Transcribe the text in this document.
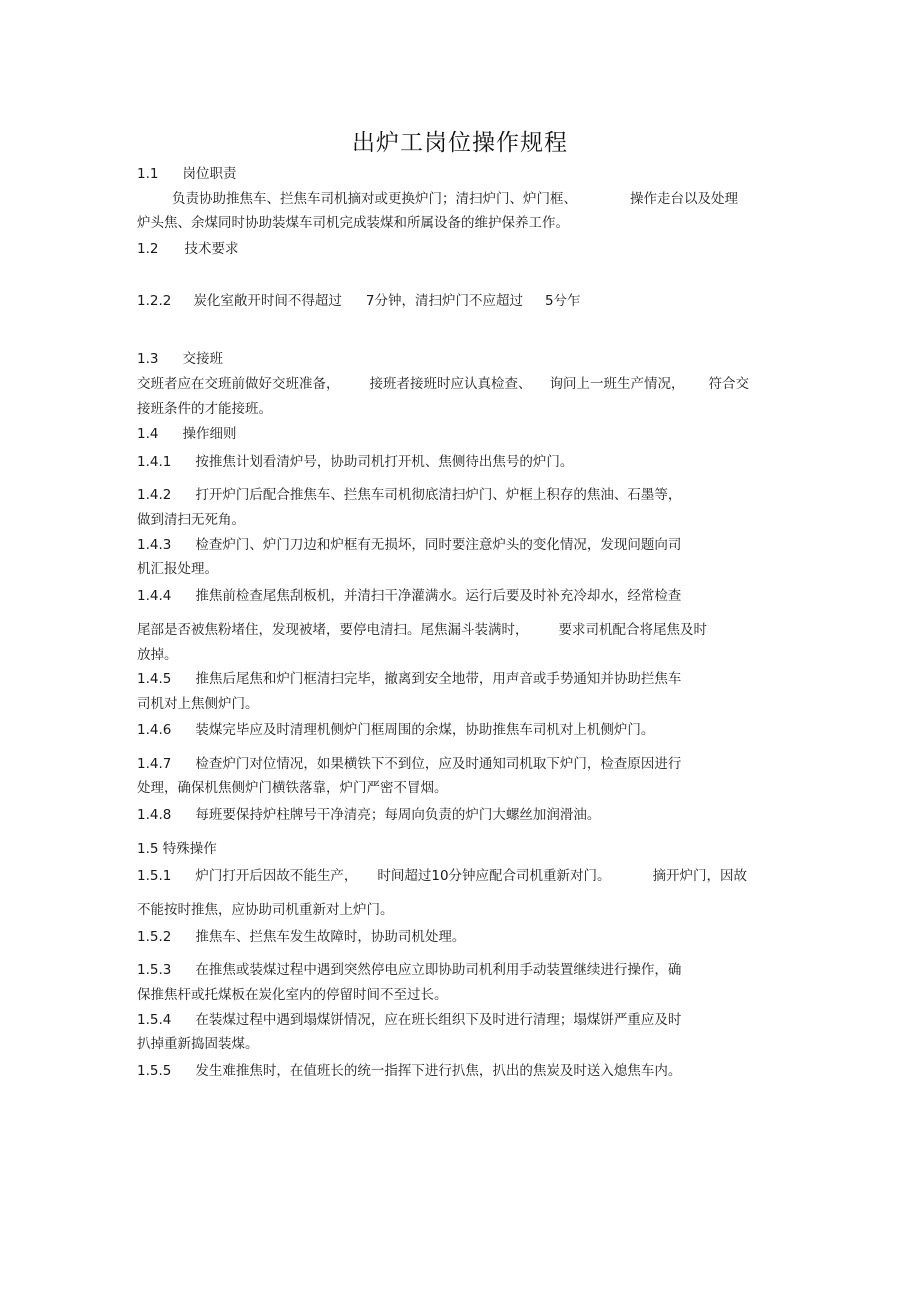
出炉工岗位操作规程
1.1 岗位职责
负责协助推焦车、拦焦车司机摘对或更换炉门；清扫炉门、炉门框、	操作走台以及处理
炉头焦、余煤同时协助装煤车司机完成装煤和所属设备的维护保养工作。
1.2 技术要求
1.2.2 炭化室敞开时间不得超过 7分钟，清扫炉门不应超过 5兮乍
1.3 交接班
交班者应在交班前做好交班准备， 接班者接班时应认真检查、 询问上一班生产情况， 符合交
接班条件的才能接班。
1.4 操作细则
1.4.1 按推焦计划看清炉号，协助司机打开机、焦侧待出焦号的炉门。
1.4.2 打开炉门后配合推焦车、拦焦车司机彻底清扫炉门、炉框上积存的焦油、石墨等，
做到清扫无死角。
1.4.3 检查炉门、炉门刀边和炉框有无损坏，同时要注意炉头的变化情况，发现问题向司
机汇报处理。
1.4.4 推焦前检查尾焦刮板机，并清扫干净灌满水。运行后要及时补充冷却水，经常检查
尾部是否被焦粉堵住，发现被堵，要停电清扫。尾焦漏斗装满时， 要求司机配合将尾焦及时
放掉。
1.4.5 推焦后尾焦和炉门框清扫完毕，撤离到安全地带，用声音或手势通知并协助拦焦车
司机对上焦侧炉门。
1.4.6 装煤完毕应及时清理机侧炉门框周围的余煤，协助推焦车司机对上机侧炉门。
1.4.7 检查炉门对位情况，如果横铁下不到位，应及时通知司机取下炉门，检查原因进行
处理，确保机焦侧炉门横铁落靠，炉门严密不冒烟。
1.4.8 每班要保持炉柱牌号干净清亮；每周向负责的炉门大螺丝加润滑油。
1.5 特殊操作
1.5.1 炉门打开后因故不能生产， 时间超过10分钟应配合司机重新对门。	摘开炉门，因故
不能按时推焦，应协助司机重新对上炉门。
1.5.2 推焦车、拦焦车发生故障时，协助司机处理。
1.5.3 在推焦或装煤过程中遇到突然停电应立即协助司机利用手动装置继续进行操作，确
保推焦杆或托煤板在炭化室内的停留时间不至过长。
1.5.4 在装煤过程中遇到塌煤饼情况，应在班长组织下及时进行清理；塌煤饼严重应及时
扒掉重新捣固装煤。
1.5.5 发生难推焦时，在值班长的统一指挥下进行扒焦，扒出的焦炭及时送入熄焦车内。
